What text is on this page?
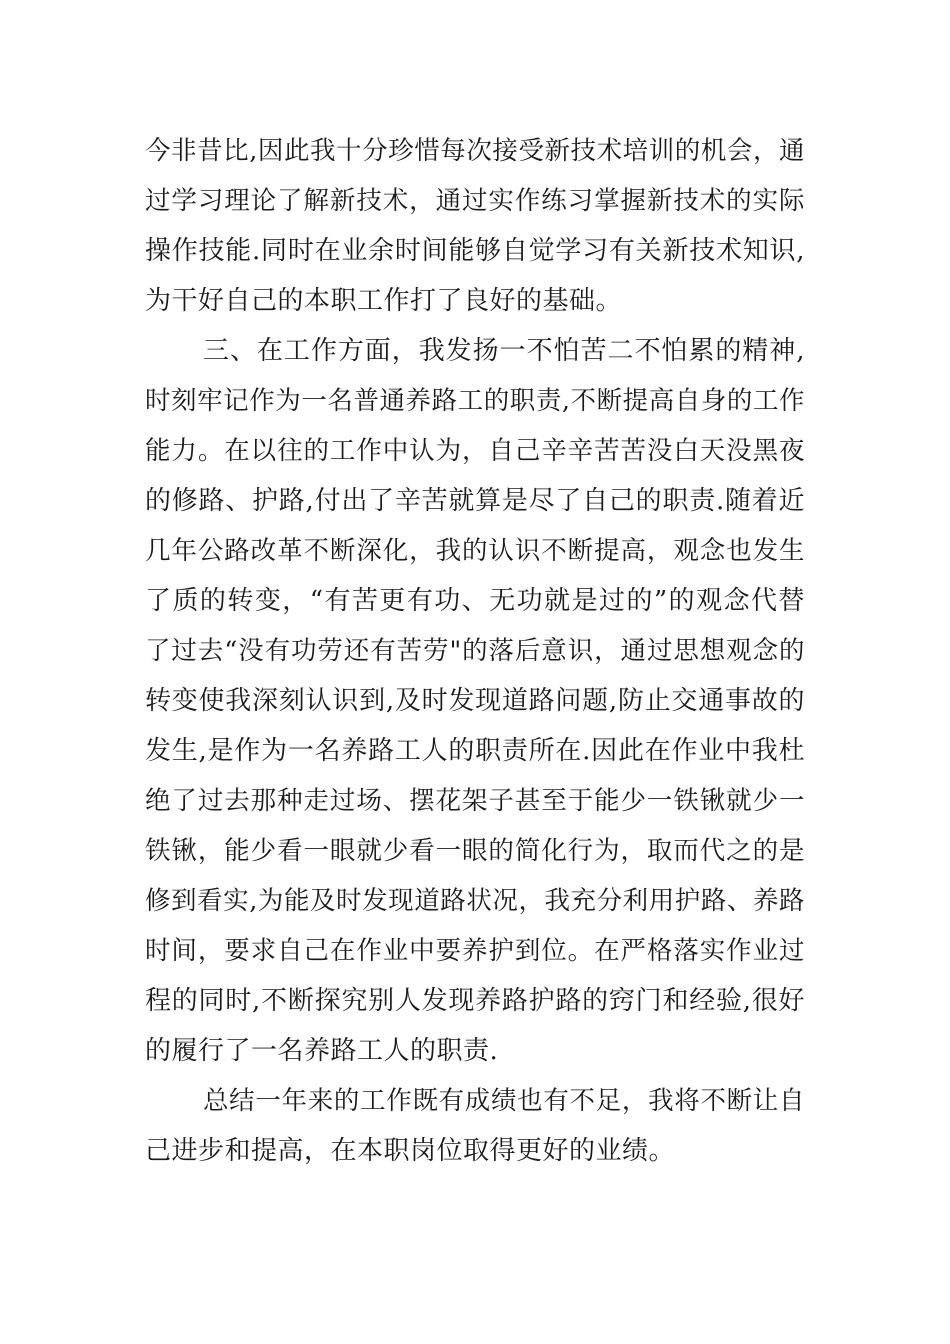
今非昔比,因此我十分珍惜每次接受新技术培训的机会，通
过学习理论了解新技术，通过实作练习掌握新技术的实际
操作技能.同时在业余时间能够自觉学习有关新技术知识,
为干好自己的本职工作打了良好的基础。
三、在工作方面，我发扬一不怕苦二不怕累的精神,
时刻牢记作为一名普通养路工的职责,不断提高自身的工作
能力。在以往的工作中认为，自己辛辛苦苦没白天没黑夜
的修路、护路,付出了辛苦就算是尽了自己的职责.随着近
几年公路改革不断深化，我的认识不断提高，观念也发生
了质的转变，“有苦更有功、无功就是过的”的观念代替
了过去“没有功劳还有苦劳"的落后意识，通过思想观念的
转变使我深刻认识到,及时发现道路问题,防止交通事故的
发生,是作为一名养路工人的职责所在.因此在作业中我杜
绝了过去那种走过场、摆花架子甚至于能少一铁锹就少一
铁锹，能少看一眼就少看一眼的简化行为，取而代之的是
修到看实,为能及时发现道路状况，我充分利用护路、养路
时间，要求自己在作业中要养护到位。在严格落实作业过
程的同时,不断探究别人发现养路护路的窍门和经验,很好
的履行了一名养路工人的职责.
总结一年来的工作既有成绩也有不足，我将不断让自
己进步和提高，在本职岗位取得更好的业绩。
